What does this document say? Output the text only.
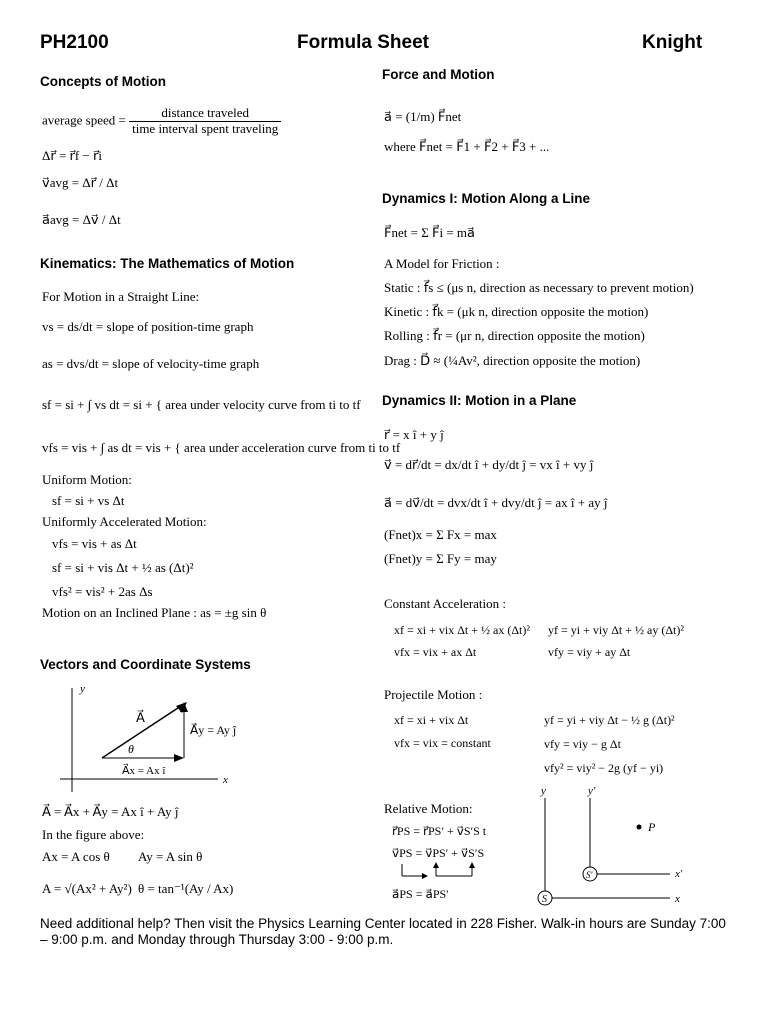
PH2100	Formula Sheet	Knight
Concepts of Motion
average speed = $\frac{\text{distance traveled}}{\text{time interval spent traveling}}$
Δr⃗ = r⃗f − r⃗i
v⃗avg = Δr⃗ / Δt
a⃗avg = Δv⃗ / Δt
Kinematics: The Mathematics of Motion
For Motion in a Straight Line:
vs = ds/dt = slope of position-time graph
as = dvs/dt = slope of velocity-time graph
sf = si + ∫ vs dt = si + { area under velocity curve from ti to tf
vfs = vis + ∫ as dt = vis + { area under acceleration curve from ti to tf
Uniform Motion:
sf = si + vs Δt
Uniformly Accelerated Motion:
vfs = vis + as Δt
sf = si + vis Δt + ½ as (Δt)²
vfs² = vis² + 2as Δs
Motion on an Inclined Plane : as = ±g sin θ
Vectors and Coordinate Systems
y
x
A⃗
θ
A⃗y = Ay ĵ
A⃗x = Ax î
A⃗ = A⃗x + A⃗y = Ax î + Ay ĵ
In the figure above:
Ax = A cos θ Ay = A sin θ
A = √(Ax² + Ay²) θ = tan⁻¹(Ay / Ax)
Force and Motion
a⃗ = (1/m) F⃗net
where F⃗net = F⃗1 + F⃗2 + F⃗3 + ...
Dynamics I: Motion Along a Line
F⃗net = Σ F⃗i = ma⃗
A Model for Friction :
Static : f⃗s ≤ (μs n, direction as necessary to prevent motion)
Kinetic : f⃗k = (μk n, direction opposite the motion)
Rolling : f⃗r = (μr n, direction opposite the motion)
Drag : D⃗ ≈ (¼Av², direction opposite the motion)
Dynamics II: Motion in a Plane
r⃗ = x î + y ĵ
v⃗ = dr⃗/dt = dx/dt î + dy/dt ĵ = vx î + vy ĵ
a⃗ = dv⃗/dt = dvx/dt î + dvy/dt ĵ = ax î + ay ĵ
(Fnet)x = Σ Fx = max
(Fnet)y = Σ Fy = may
Constant Acceleration :
xf = xi + vix Δt + ½ ax (Δt)² yf = yi + viy Δt + ½ ay (Δt)²
vfx = vix + ax Δt	vfy = viy + ay Δt
Projectile Motion :
xf = xi + vix Δt	yf = yi + viy Δt − ½ g (Δt)²
vfx = vix = constant	vfy = viy − g Δt
vfy² = viy² − 2g (yf − yi)
Relative Motion:
r⃗PS = r⃗PS′ + v⃗S′S t
v⃗PS = v⃗PS′ + v⃗S′S
a⃗PS = a⃗PS′	S
y
x
S′
y′
x′
P
Need additional help? Then visit the Physics Learning Center located in 228 Fisher. Walk-in hours are Sunday 7:00 – 9:00 p.m. and Monday through Thursday 3:00 - 9:00 p.m.
